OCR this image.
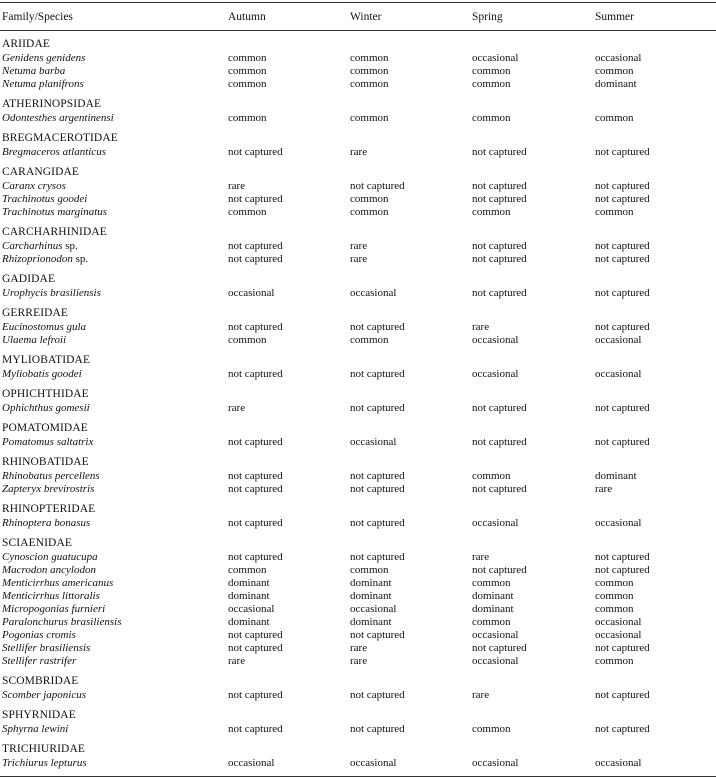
Family/Species	Autumn	Winter	Spring	Summer
ARIIDAE
Genidens genidens	common	common	occasional	occasional
Netuma barba	common	common	common	common
Netuma planifrons	common	common	common	dominant
ATHERINOPSIDAE
Odontesthes argentinensi	common	common	common	common
BREGMACEROTIDAE
Bregmaceros atlanticus	not captured	rare	not captured	not captured
CARANGIDAE
Caranx crysos	rare	not captured	not captured	not captured
Trachinotus goodei	not captured	common	not captured	not captured
Trachinotus marginatus	common	common	common	common
CARCHARHINIDAE
Carcharhinus sp.	not captured	rare	not captured	not captured
Rhizoprionodon sp.	not captured	rare	not captured	not captured
GADIDAE
Urophycis brasiliensis	occasional	occasional	not captured	not captured
GERREIDAE
Eucinostomus gula	not captured	not captured	rare	not captured
Ulaema lefroii	common	common	occasional	occasional
MYLIOBATIDAE
Myliobatis goodei	not captured	not captured	occasional	occasional
OPHICHTHIDAE
Ophichthus gomesii	rare	not captured	not captured	not captured
POMATOMIDAE
Pomatomus saltatrix	not captured	occasional	not captured	not captured
RHINOBATIDAE
Rhinobatus percellens	not captured	not captured	common	dominant
Zapteryx brevirostris	not captured	not captured	not captured	rare
RHINOPTERIDAE
Rhinoptera bonasus	not captured	not captured	occasional	occasional
SCIAENIDAE
Cynoscion guatucupa	not captured	not captured	rare	not captured
Macrodon ancylodon	common	common	not captured	not captured
Menticirrhus americanus	dominant	dominant	common	common
Menticirrhus littoralis	dominant	dominant	dominant	common
Micropogonias furnieri	occasional	occasional	dominant	common
Paralonchurus brasiliensis	dominant	dominant	common	occasional
Pogonias cromis	not captured	not captured	occasional	occasional
Stellifer brasiliensis	not captured	rare	not captured	not captured
Stellifer rastrifer	rare	rare	occasional	common
SCOMBRIDAE
Scomber japonicus	not captured	not captured	rare	not captured
SPHYRNIDAE
Sphyrna lewini	not captured	not captured	common	not captured
TRICHIURIDAE
Trichiurus lepturus	occasional	occasional	occasional	occasional
